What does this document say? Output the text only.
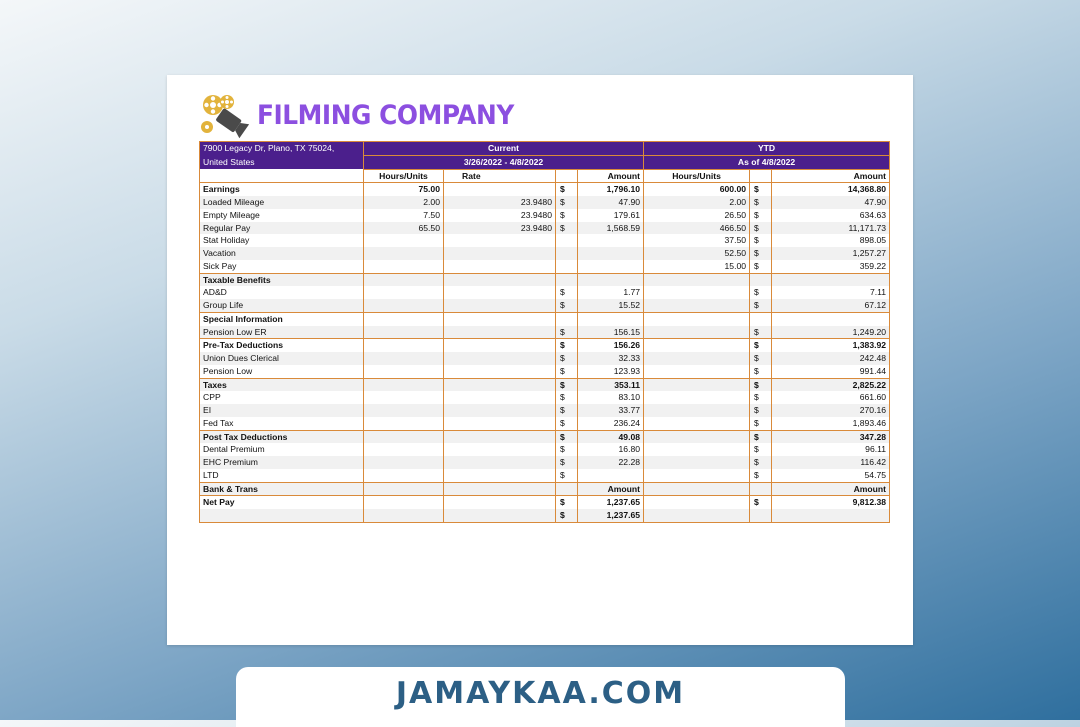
FILMING COMPANY
7900 Legacy Dr, Plano, TX 75024,	Current				YTD		
United States	3/26/2022 - 4/8/2022				As of 4/8/2022		
	Hours/Units	Rate		Amount	Hours/Units		Amount
Earnings	75.00		$	1,796.10	600.00	$	14,368.80
Loaded Mileage	2.00	23.9480	$	47.90	2.00	$	47.90
Empty Mileage	7.50	23.9480	$	179.61	26.50	$	634.63
Regular Pay	65.50	23.9480	$	1,568.59	466.50	$	11,171.73
Stat Holiday					37.50	$	898.05
Vacation					52.50	$	1,257.27
Sick Pay					15.00	$	359.22
Taxable Benefits							
AD&D			$	1.77		$	7.11
Group Life			$	15.52		$	67.12
Special Information							
Pension Low ER			$	156.15		$	1,249.20
Pre-Tax Deductions			$	156.26		$	1,383.92
Union Dues Clerical			$	32.33		$	242.48
Pension Low			$	123.93		$	991.44
Taxes			$	353.11		$	2,825.22
CPP			$	83.10		$	661.60
EI			$	33.77		$	270.16
Fed Tax			$	236.24		$	1,893.46
Post Tax Deductions			$	49.08		$	347.28
Dental Premium			$	16.80		$	96.11
EHC Premium			$	22.28		$	116.42
LTD			$			$	54.75
Bank & Trans				Amount			Amount
Net Pay			$	1,237.65		$	9,812.38
			$	1,237.65			
JAMAYKAA.COM
